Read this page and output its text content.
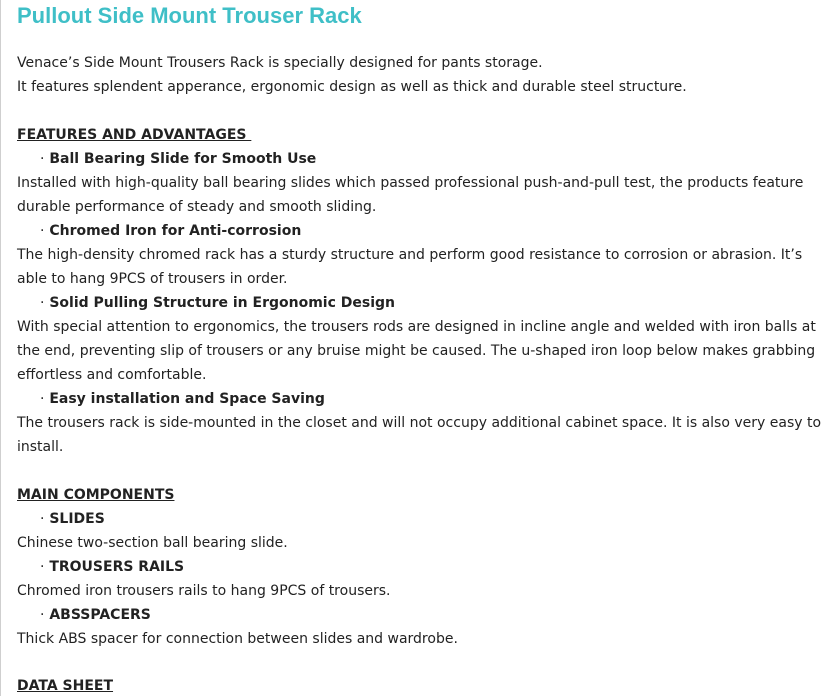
Pullout Side Mount Trouser Rack

Venace’s Side Mount Trousers Rack is specially designed for pants storage.

It features splendent apperance, ergonomic design as well as thick and durable steel structure.

FEATURES AND ADVANTAGES

· Ball Bearing Slide for Smooth Use

Installed with high-quality ball bearing slides which passed professional push-and-pull test, the products feature

durable performance of steady and smooth sliding.

· Chromed Iron for Anti-corrosion

The high-density chromed rack has a sturdy structure and perform good resistance to corrosion or abrasion. It’s

able to hang 9PCS of trousers in order.

· Solid Pulling Structure in Ergonomic Design

With special attention to ergonomics, the trousers rods are designed in incline angle and welded with iron balls at

the end, preventing slip of trousers or any bruise might be caused. The u-shaped iron loop below makes grabbing

effortless and comfortable.

· Easy installation and Space Saving

The trousers rack is side-mounted in the closet and will not occupy additional cabinet space. It is also very easy to

install.

MAIN COMPONENTS

· SLIDES

Chinese two-section ball bearing slide.

· TROUSERS RAILS

Chromed iron trousers rails to hang 9PCS of trousers.

· ABSSPACERS

Thick ABS spacer for connection between slides and wardrobe.

DATA SHEET
